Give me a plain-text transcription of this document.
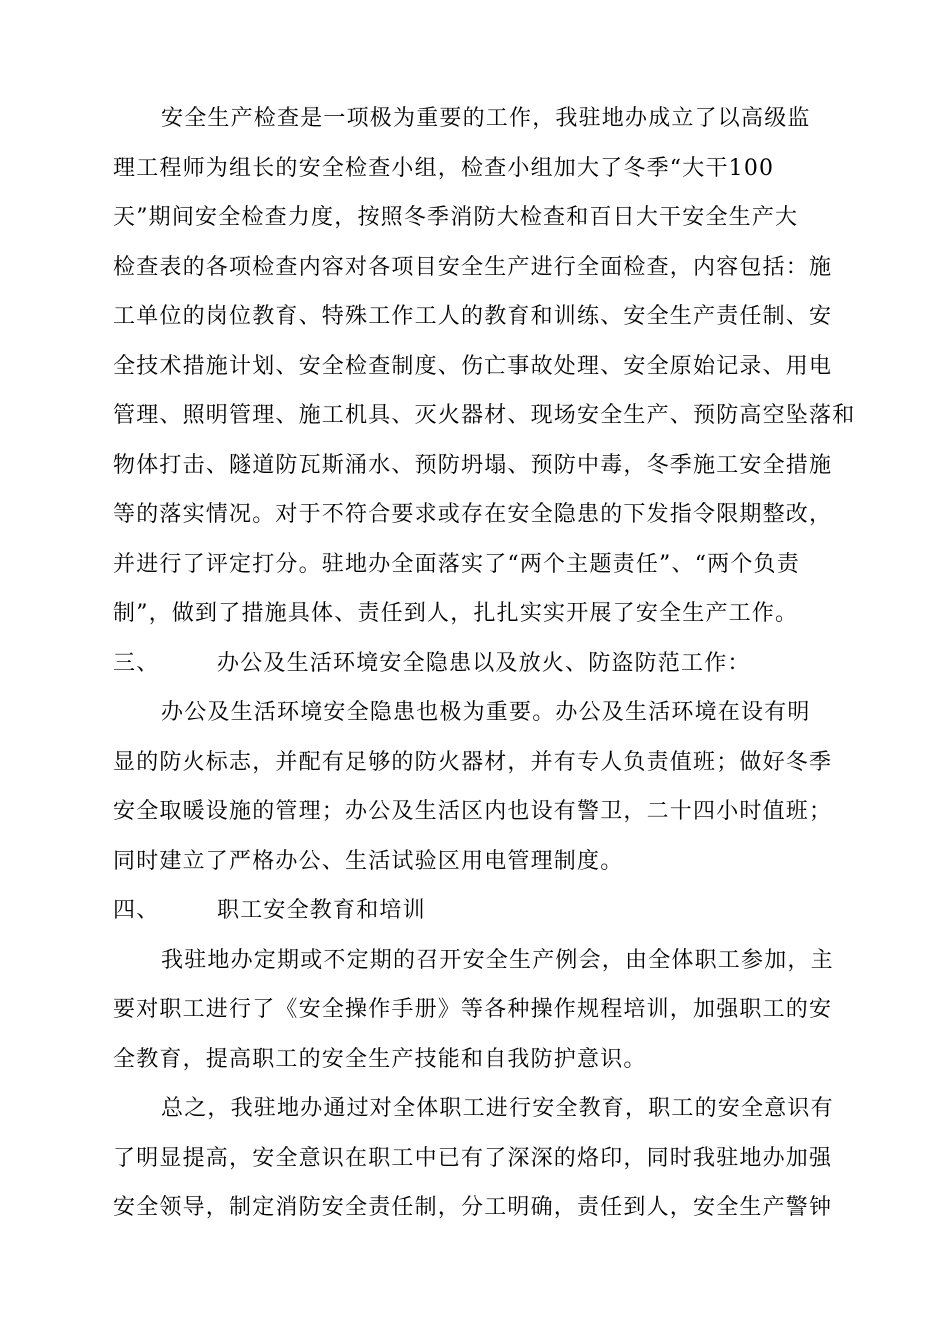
安全生产检查是一项极为重要的工作，我驻地办成立了以高级监
理工程师为组长的安全检查小组，检查小组加大了冬季“大干100
天”期间安全检查力度，按照冬季消防大检查和百日大干安全生产大
检查表的各项检查内容对各项目安全生产进行全面检查，内容包括：施
工单位的岗位教育、特殊工作工人的教育和训练、安全生产责任制、安
全技术措施计划、安全检查制度、伤亡事故处理、安全原始记录、用电
管理、照明管理、施工机具、灭火器材、现场安全生产、预防高空坠落和
物体打击、隧道防瓦斯涌水、预防坍塌、预防中毒，冬季施工安全措施
等的落实情况。对于不符合要求或存在安全隐患的下发指令限期整改，
并进行了评定打分。驻地办全面落实了“两个主题责任”、“两个负责
制”，做到了措施具体、责任到人，扎扎实实开展了安全生产工作。
三、	办公及生活环境安全隐患以及放火、防盗防范工作：
办公及生活环境安全隐患也极为重要。办公及生活环境在设有明
显的防火标志，并配有足够的防火器材，并有专人负责值班；做好冬季
安全取暖设施的管理；办公及生活区内也设有警卫，二十四小时值班；
同时建立了严格办公、生活试验区用电管理制度。
四、	职工安全教育和培训
我驻地办定期或不定期的召开安全生产例会，由全体职工参加，主
要对职工进行了《安全操作手册》等各种操作规程培训，加强职工的安
全教育，提高职工的安全生产技能和自我防护意识。
总之，我驻地办通过对全体职工进行安全教育，职工的安全意识有
了明显提高，安全意识在职工中已有了深深的烙印，同时我驻地办加强
安全领导，制定消防安全责任制，分工明确，责任到人，安全生产警钟
